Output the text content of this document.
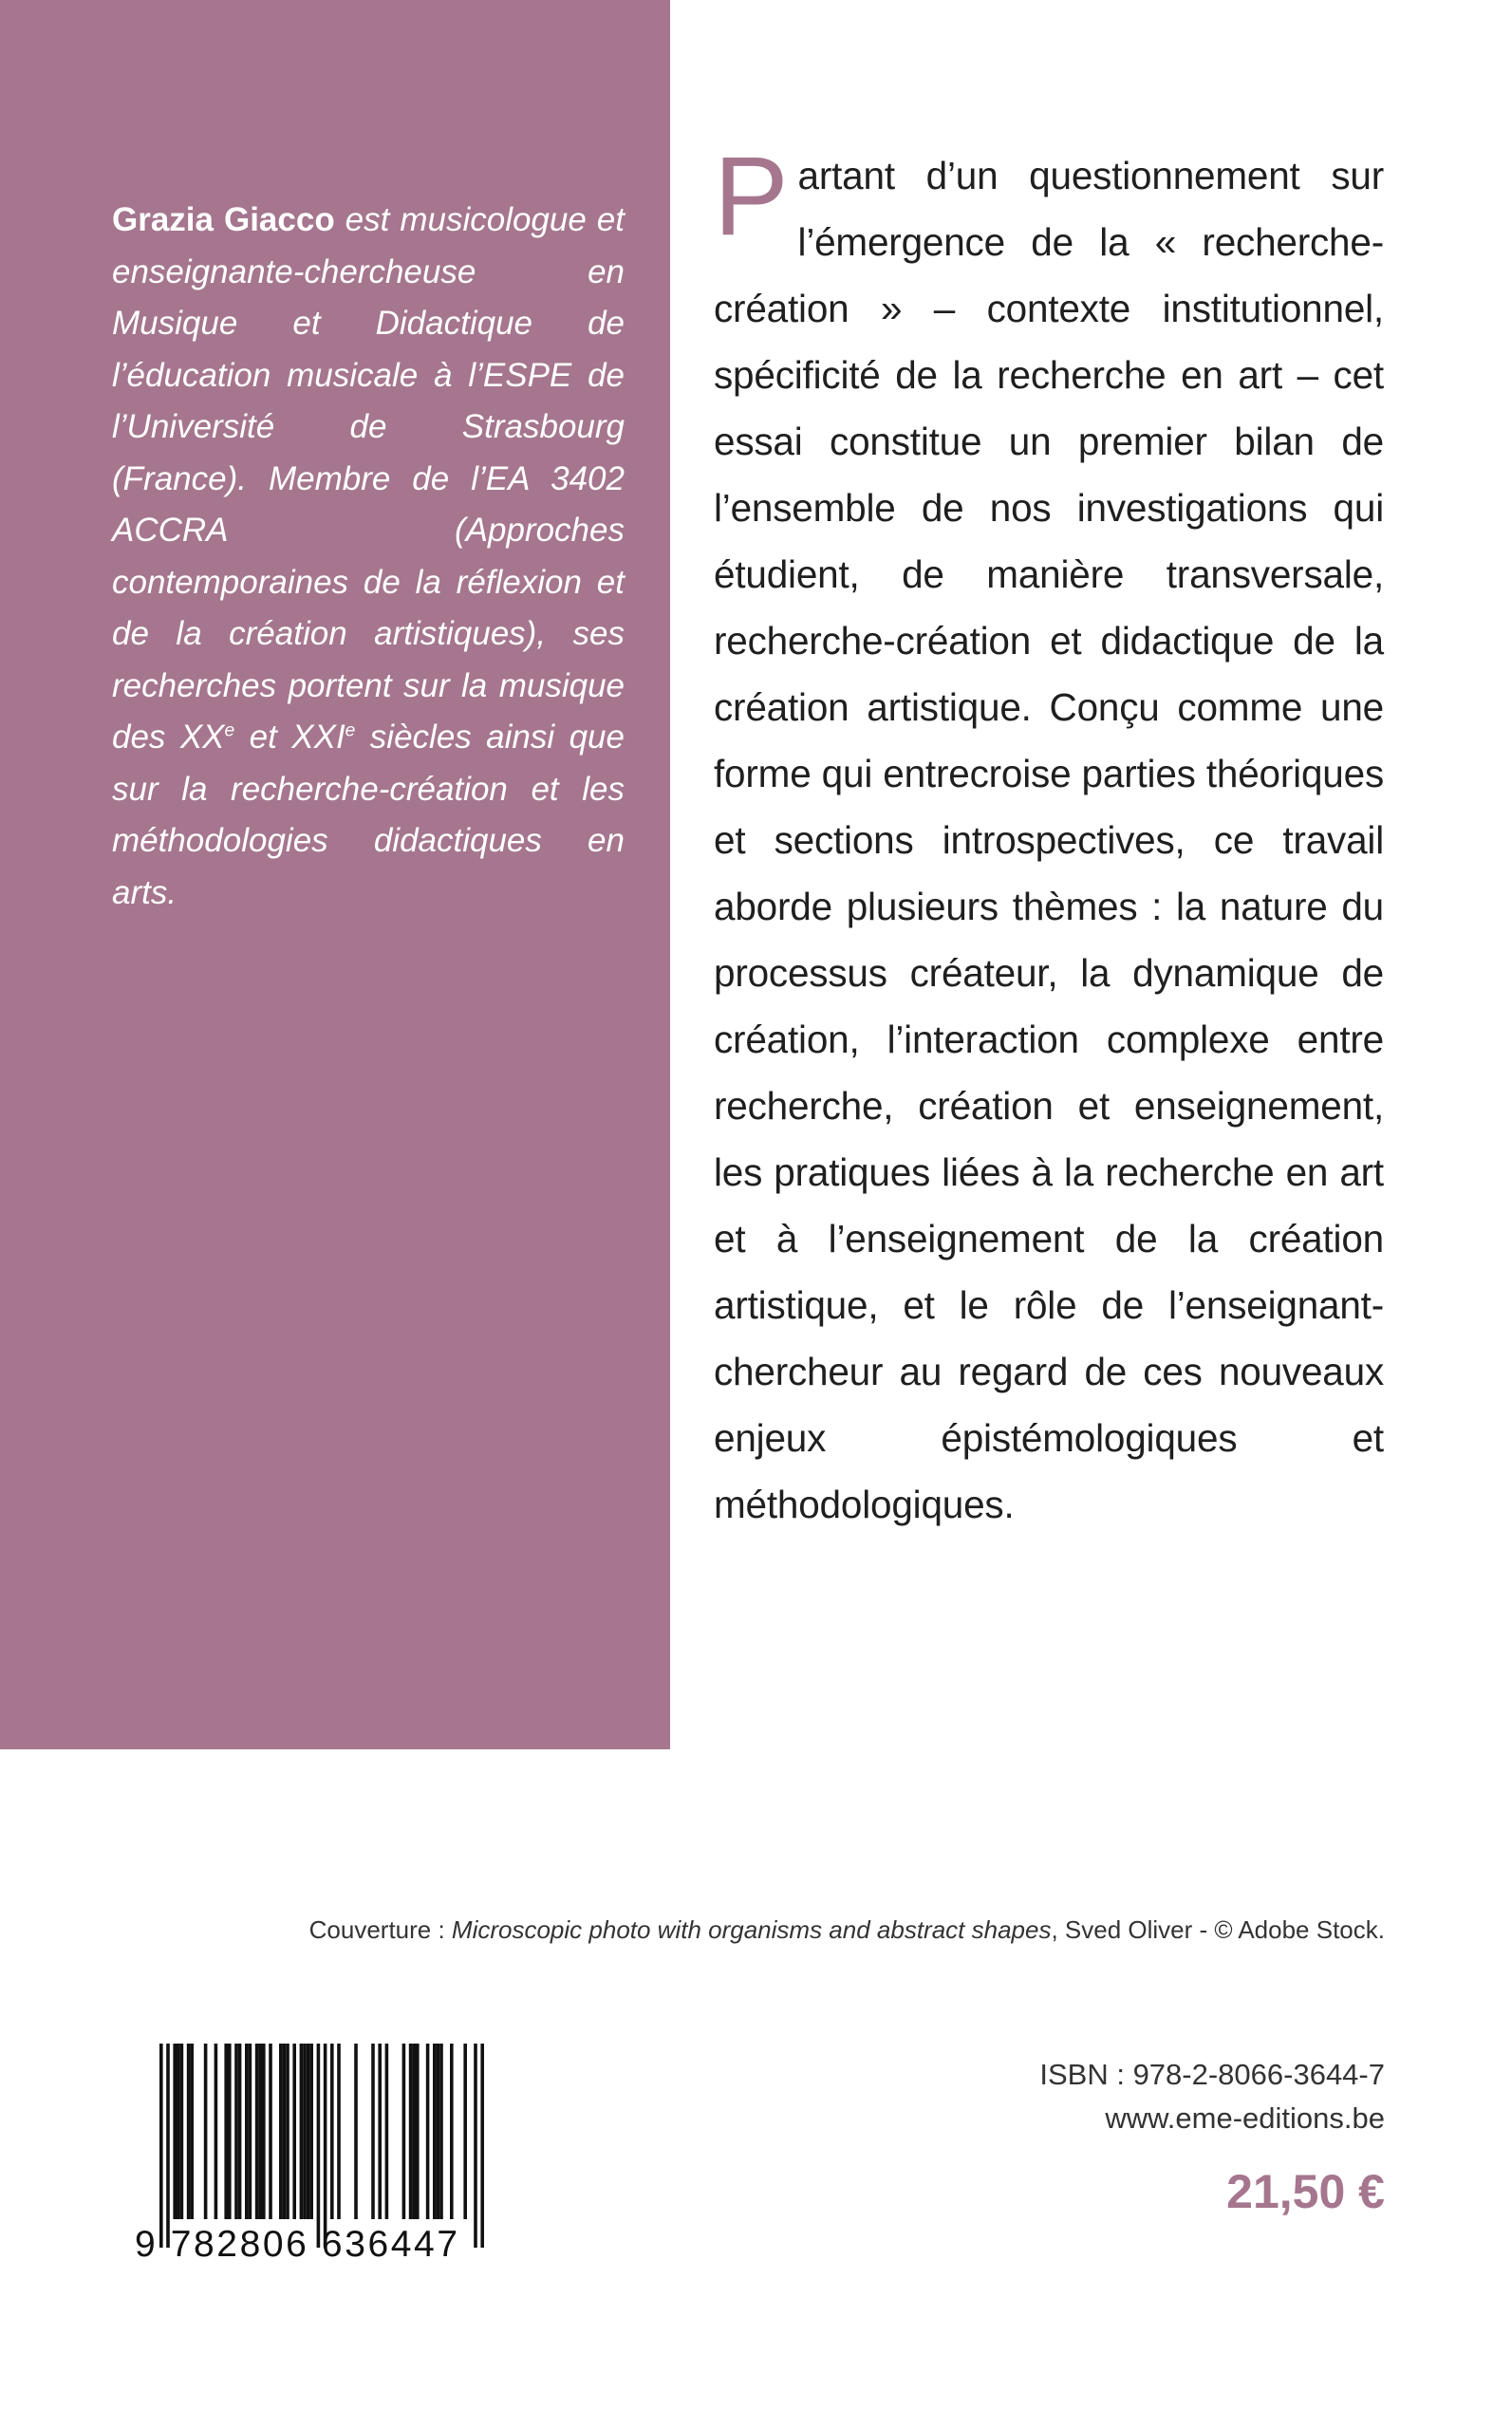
Grazia Giacco est musicologue et enseignante-chercheuse en Musique et Didactique de l’éducation musicale à l’ESPE de l’Université de Strasbourg (France). Membre de l’EA 3402 ACCRA (Approches contemporaines de la réflexion et de la création artistiques), ses recherches portent sur la musique des XXe et XXIe siècles ainsi que sur la recherche-création et les méthodologies didactiques en arts.

Partant d’un questionnement sur l’émergence de la « recherche-création » – contexte institutionnel, spécificité de la recherche en art – cet essai constitue un premier bilan de l’ensemble de nos investigations qui étudient, de manière transversale, recherche-création et didactique de la création artistique. Conçu comme une forme qui entrecroise parties théoriques et sections introspectives, ce travail aborde plusieurs thèmes : la nature du processus créateur, la dynamique de création, l’interaction complexe entre recherche, création et enseignement, les pratiques liées à la recherche en art et à l’enseignement de la création artistique, et le rôle de l’enseignant-chercheur au regard de ces nouveaux enjeux épistémologiques et méthodologiques.
Couverture : Microscopic photo with organisms and abstract shapes, Sved Oliver - © Adobe Stock.
9 782806 636447
ISBN : 978-2-8066-3644-7
www.eme-editions.be
21,50 €
